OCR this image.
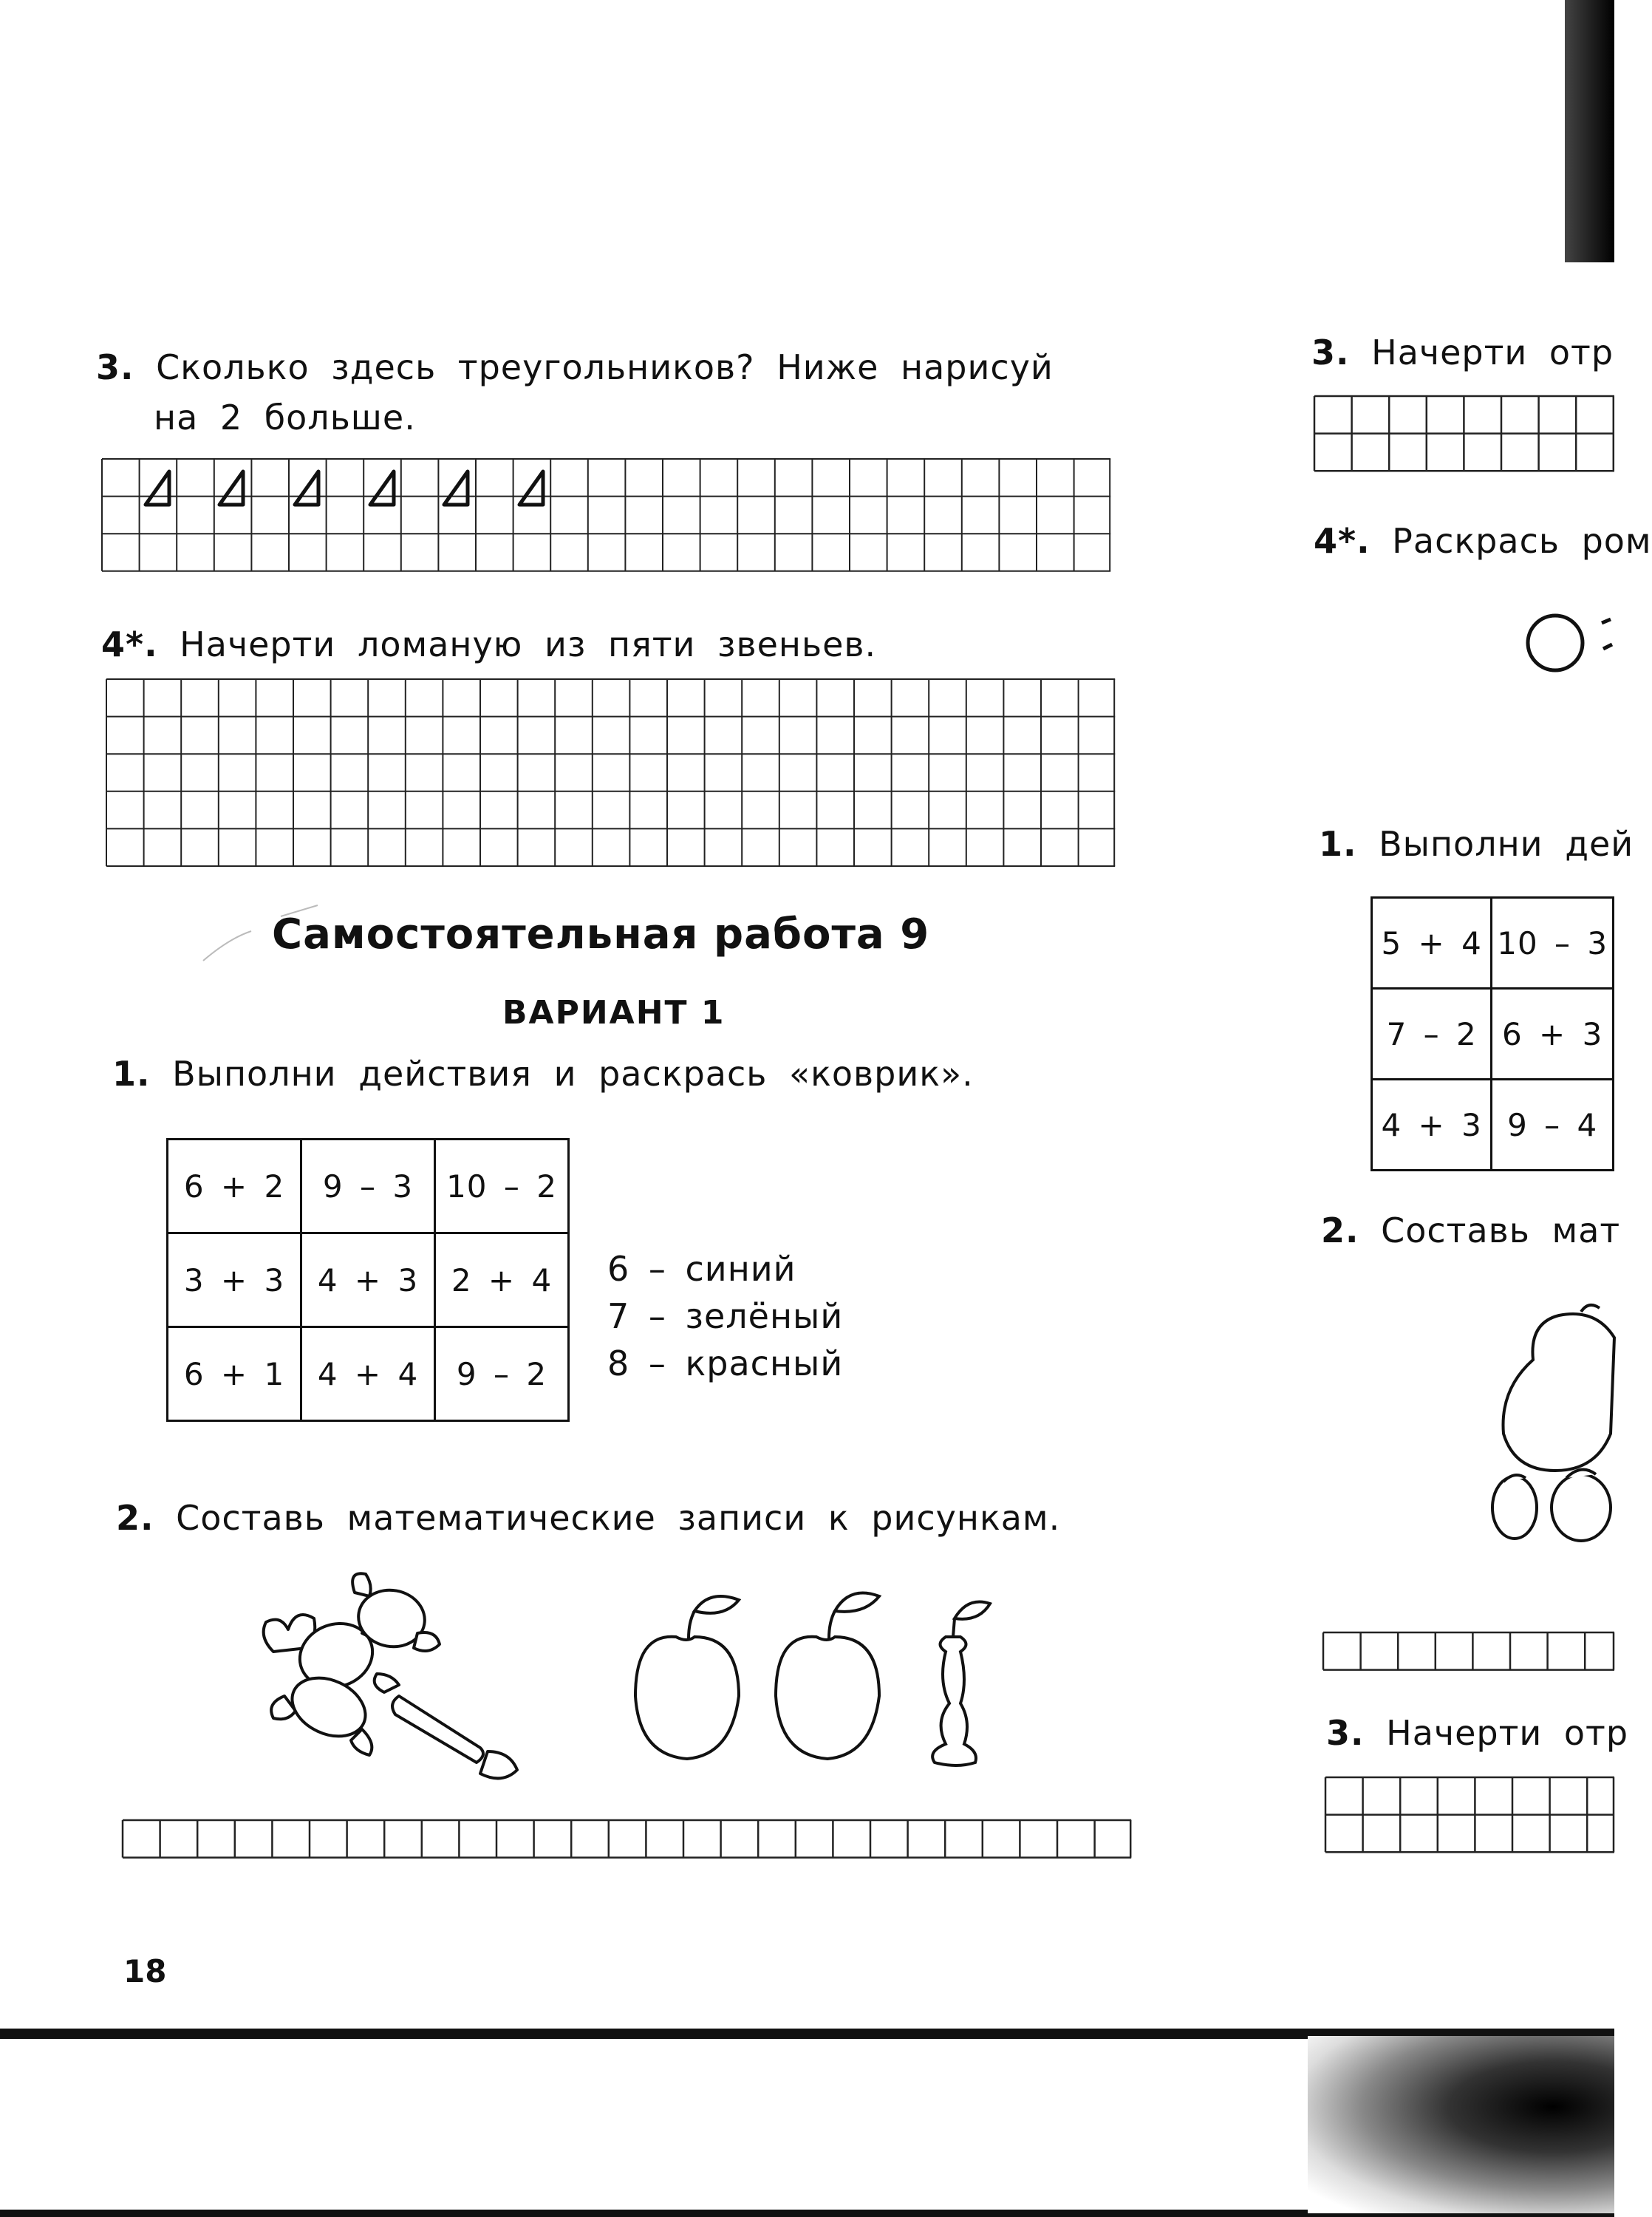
3. Сколько здесь треугольников? Ниже нарисуй
на 2 больше.
4*. Начерти ломаную из пяти звеньев.
Самостоятельная работа 9
ВАРИАНТ 1
1. Выполни действия и раскрась «коврик».
6 + 2	9 – 3	10 – 2
3 + 3	4 + 3	2 + 4
6 + 1	4 + 4	9 – 2
6 – синий
7 – зелёный
8 – красный
2. Составь математические записи к рисункам.
18
3. Начерти отр
4*. Раскрась ром
1. Выполни дей
5 + 4	10 – 3
7 – 2	6 + 3
4 + 3	9 – 4
2. Составь мат
3. Начерти отр
